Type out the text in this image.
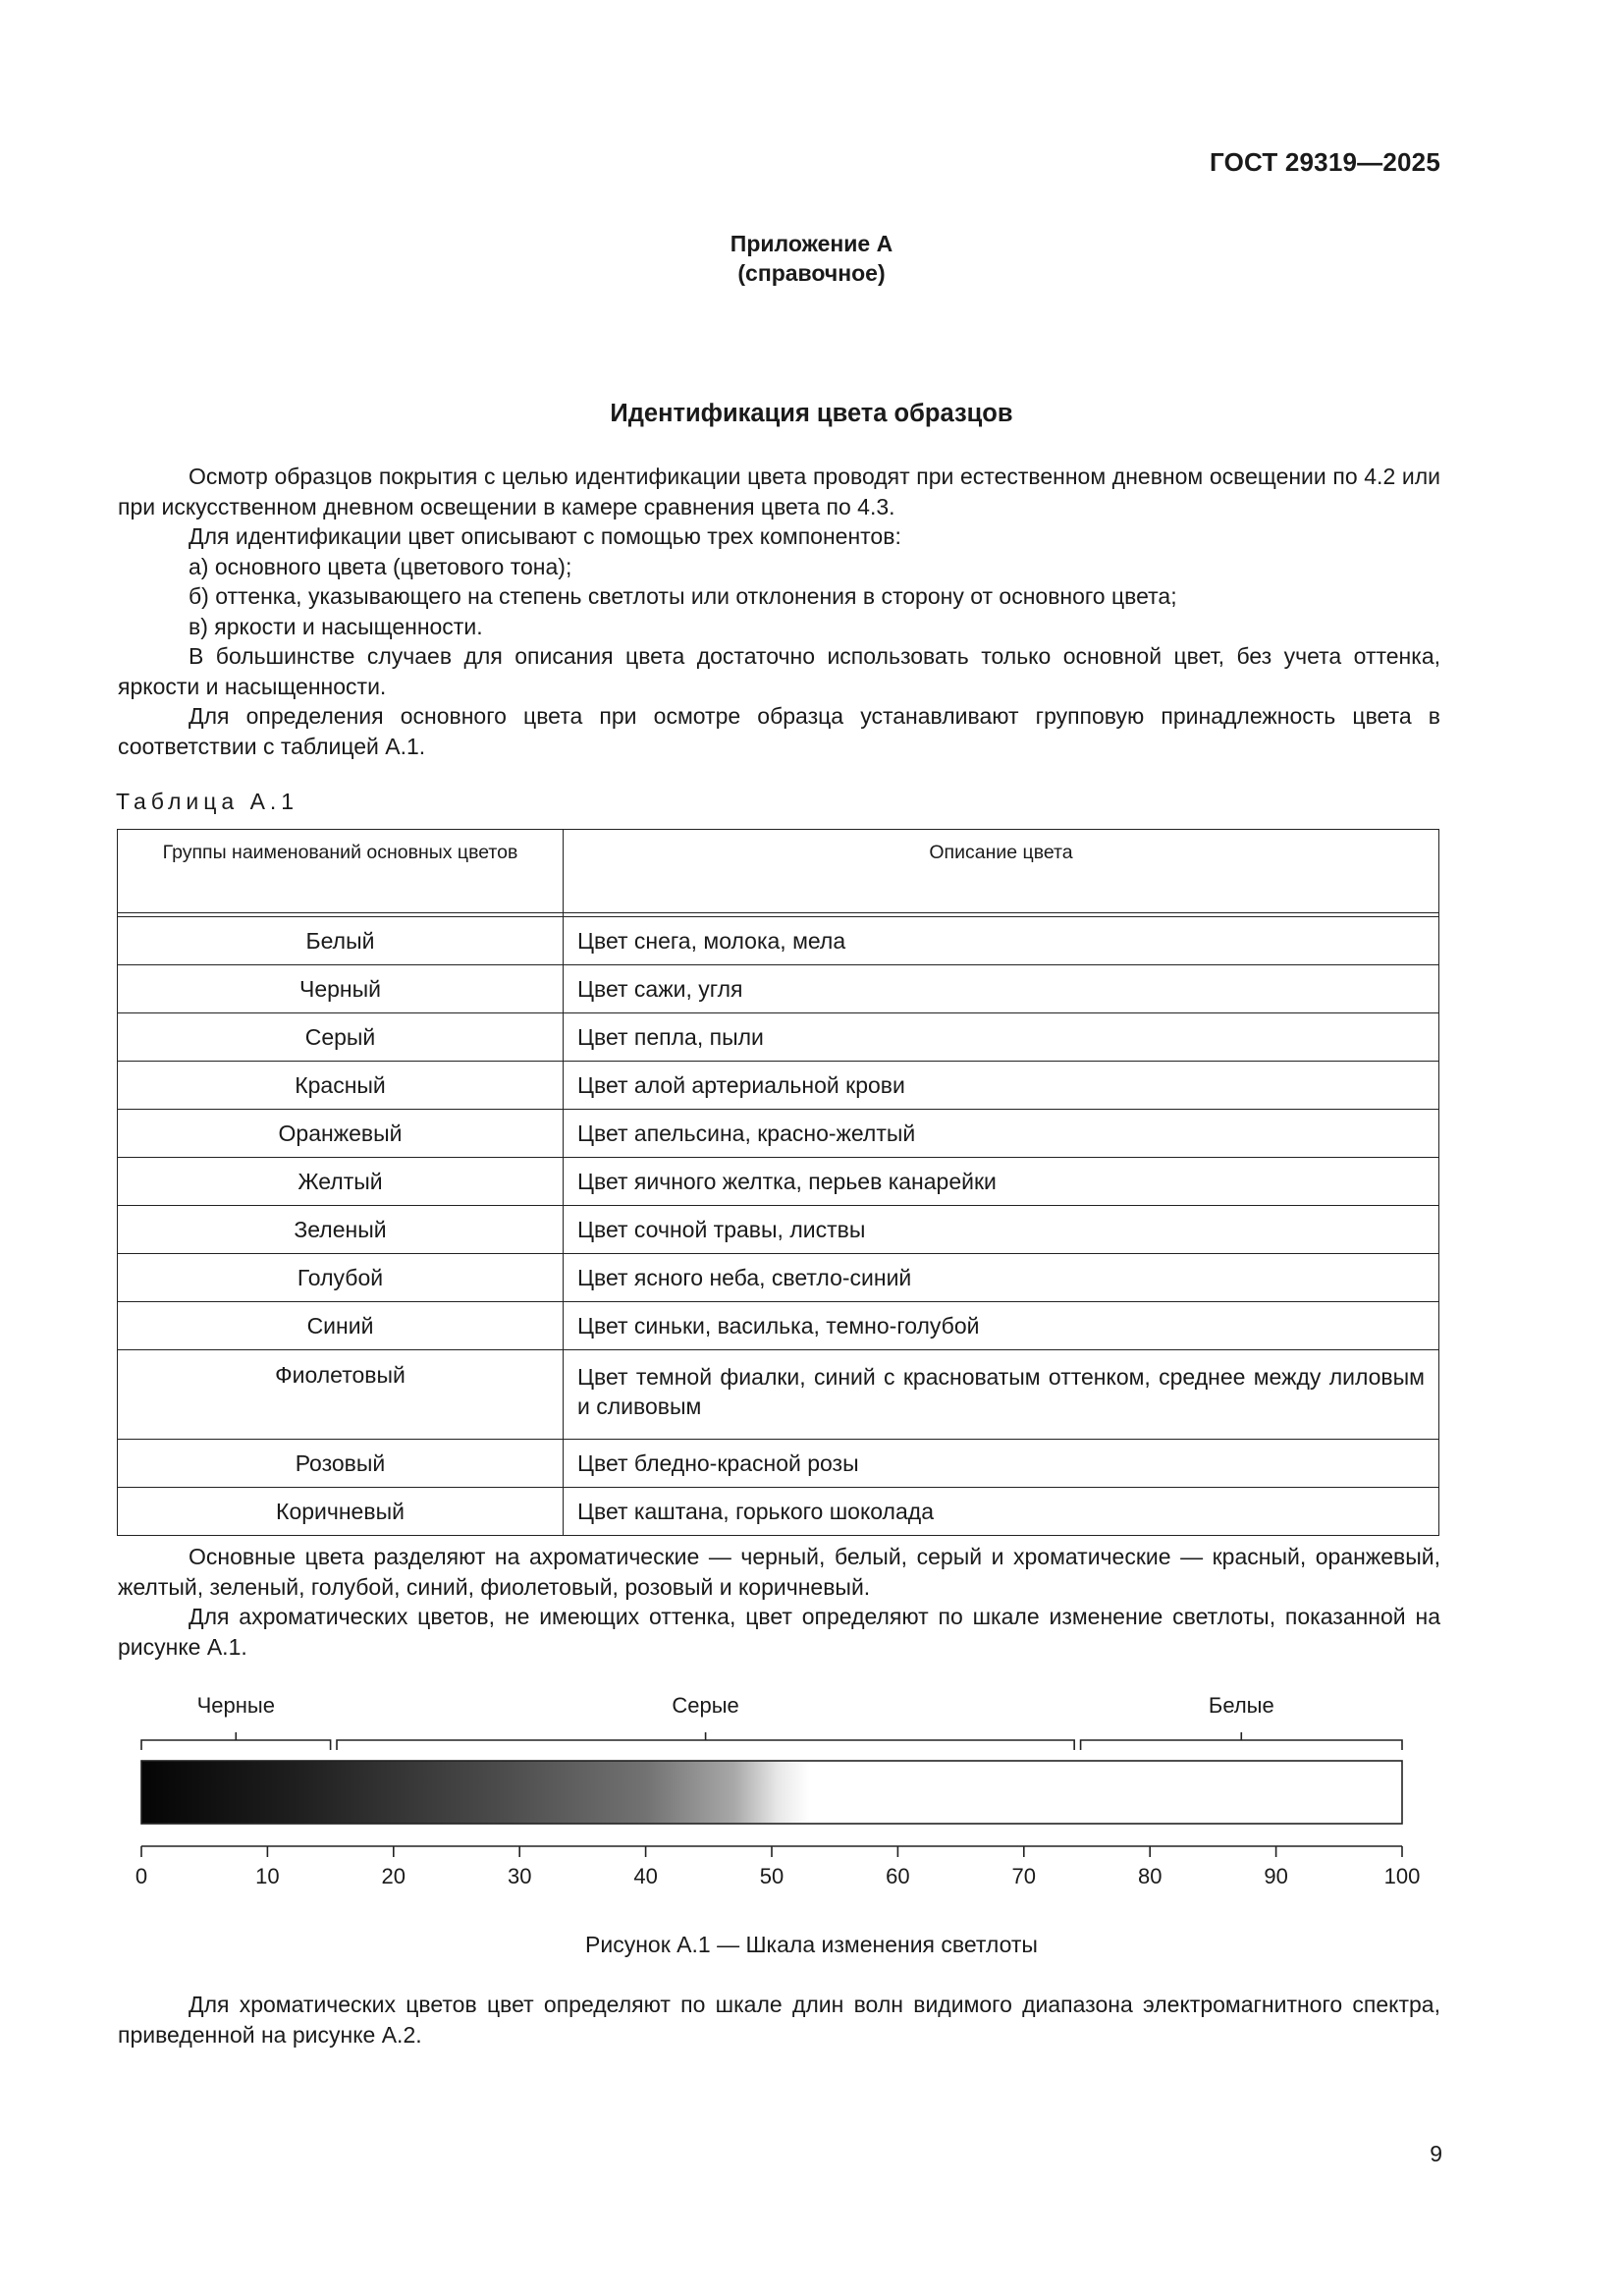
ГОСТ 29319—2025
Приложение А
(справочное)
Идентификация цвета образцов

Осмотр образцов покрытия с целью идентификации цвета проводят при естественном дневном освещении по 4.2 или при искусственном дневном освещении в камере сравнения цвета по 4.3.

Для идентификации цвет описывают с помощью трех компонентов:

а) основного цвета (цветового тона);

б) оттенка, указывающего на степень светлоты или отклонения в сторону от основного цвета;

в) яркости и насыщенности.

В большинстве случаев для описания цвета достаточно использовать только основной цвет, без учета оттенка, яркости и насыщенности.

Для определения основного цвета при осмотре образца устанавливают групповую принадлежность цвета в соответствии с таблицей А.1.

Таблица А.1
Группы наименований основных цветов	Описание цвета

Белый	Цвет снега, молока, мела
Черный	Цвет сажи, угля
Серый	Цвет пепла, пыли
Красный	Цвет алой артериальной крови
Оранжевый	Цвет апельсина, красно-желтый
Желтый	Цвет яичного желтка, перьев канарейки
Зеленый	Цвет сочной травы, листвы
Голубой	Цвет ясного неба, светло-синий
Синий	Цвет синьки, василька, темно-голубой
Фиолетовый	Цвет темной фиалки, синий с красноватым оттенком, среднее между лиловым и сливовым
Розовый	Цвет бледно-красной розы
Коричневый	Цвет каштана, горького шоколада

Основные цвета разделяют на ахроматические — черный, белый, серый и хроматические — красный, оранжевый, желтый, зеленый, голубой, синий, фиолетовый, розовый и коричневый.

Для ахроматических цветов, не имеющих оттенка, цвет определяют по шкале изменение светлоты, показанной на рисунке А.1.

Черные	Серые	Белые
0	10	20	30	40	50	60	70	80	90	100
Рисунок А.1 — Шкала изменения светлоты

Для хроматических цветов цвет определяют по шкале длин волн видимого диапазона электромагнитного спектра, приведенной на рисунке А.2.

9
